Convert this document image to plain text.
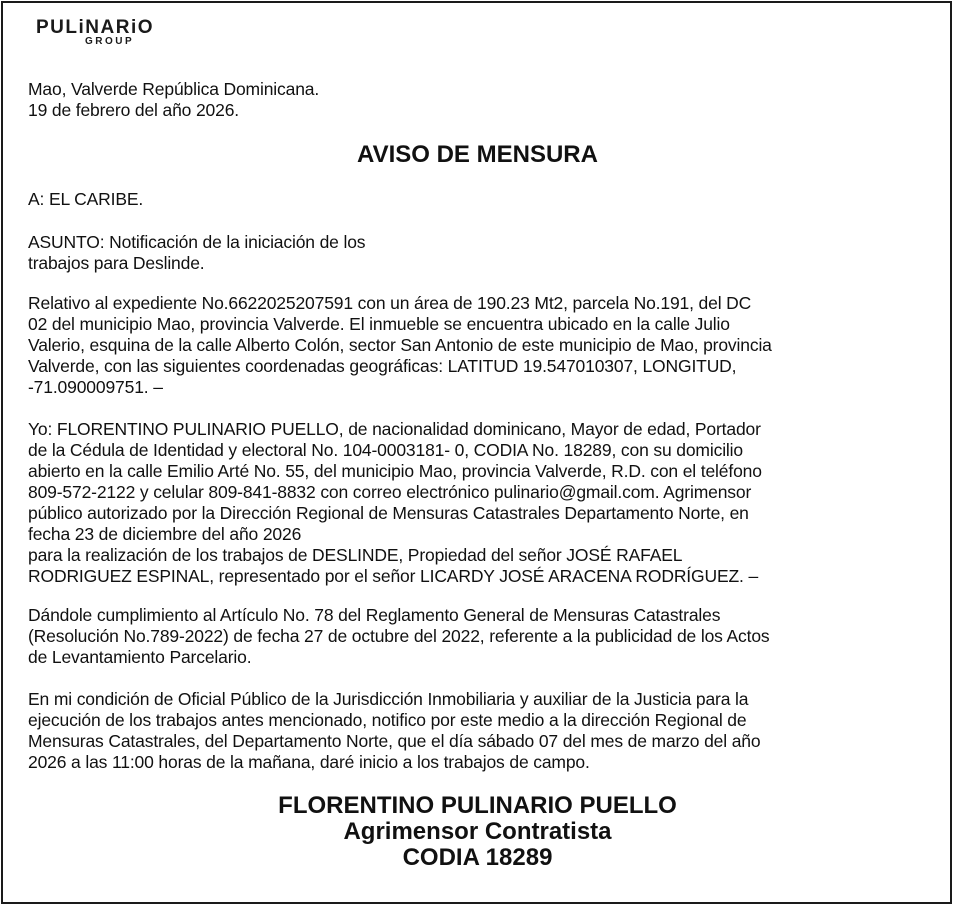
PULiNARiO
GROUP
Mao, Valverde República Dominicana.
19 de febrero del año 2026.
AVISO DE MENSURA
A: EL CARIBE.
ASUNTO: Notificación de la iniciación de los
trabajos para Deslinde.
Relativo al expediente No.6622025207591 con un área de 190.23 Mt2, parcela No.191, del DC
02 del municipio Mao, provincia Valverde. El inmueble se encuentra ubicado en la calle Julio
Valerio, esquina de la calle Alberto Colón, sector San Antonio de este municipio de Mao, provincia
Valverde, con las siguientes coordenadas geográficas: LATITUD 19.547010307, LONGITUD,
-71.090009751. –
Yo: FLORENTINO PULINARIO PUELLO, de nacionalidad dominicano, Mayor de edad, Portador
de la Cédula de Identidad y electoral No. 104-0003181- 0, CODIA No. 18289, con su domicilio
abierto en la calle Emilio Arté No. 55, del municipio Mao, provincia Valverde, R.D. con el teléfono
809-572-2122 y celular 809-841-8832 con correo electrónico pulinario@gmail.com. Agrimensor
público autorizado por la Dirección Regional de Mensuras Catastrales Departamento Norte, en
fecha 23 de diciembre del año 2026
para la realización de los trabajos de DESLINDE, Propiedad del señor JOSÉ RAFAEL
RODRIGUEZ ESPINAL, representado por el señor LICARDY JOSÉ ARACENA RODRÍGUEZ. –
Dándole cumplimiento al Artículo No. 78 del Reglamento General de Mensuras Catastrales
(Resolución No.789-2022) de fecha 27 de octubre del 2022, referente a la publicidad de los Actos
de Levantamiento Parcelario.
En mi condición de Oficial Público de la Jurisdicción Inmobiliaria y auxiliar de la Justicia para la
ejecución de los trabajos antes mencionado, notifico por este medio a la dirección Regional de
Mensuras Catastrales, del Departamento Norte, que el día sábado 07 del mes de marzo del año
2026 a las 11:00 horas de la mañana, daré inicio a los trabajos de campo.
FLORENTINO PULINARIO PUELLO
Agrimensor Contratista
CODIA 18289
